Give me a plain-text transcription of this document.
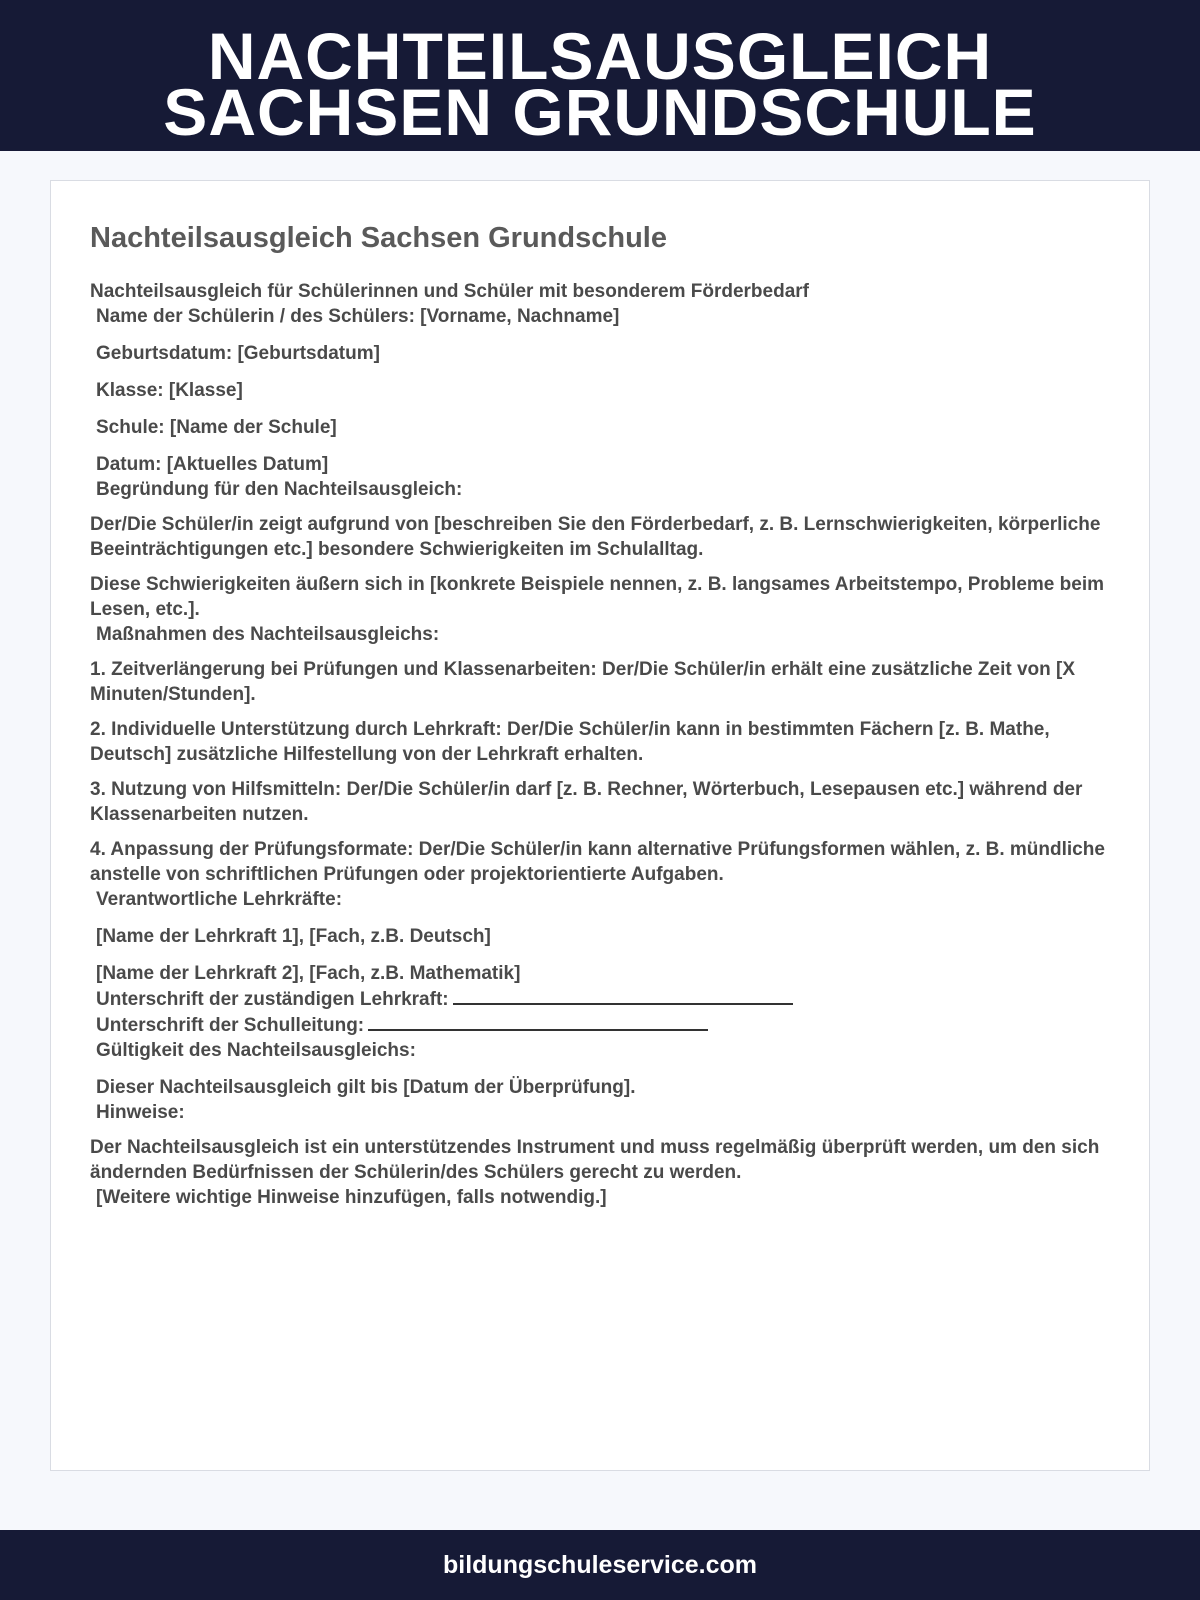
NACHTEILSAUSGLEICH
SACHSEN GRUNDSCHULE
Nachteilsausgleich Sachsen Grundschule

Nachteilsausgleich für Schülerinnen und Schüler mit besonderem Förderbedarf

Name der Schülerin / des Schülers: [Vorname, Nachname]

Geburtsdatum: [Geburtsdatum]

Klasse: [Klasse]

Schule: [Name der Schule]

Datum: [Aktuelles Datum]

Begründung für den Nachteilsausgleich:

Der/Die Schüler/in zeigt aufgrund von [beschreiben Sie den Förderbedarf, z. B. Lernschwierigkeiten, körperliche Beeinträchtigungen etc.] besondere Schwierigkeiten im Schulalltag.

Diese Schwierigkeiten äußern sich in [konkrete Beispiele nennen, z. B. langsames Arbeitstempo, Probleme beim Lesen, etc.].

Maßnahmen des Nachteilsausgleichs:

1. Zeitverlängerung bei Prüfungen und Klassenarbeiten: Der/Die Schüler/in erhält eine zusätzliche Zeit von [X Minuten/Stunden].

2. Individuelle Unterstützung durch Lehrkraft: Der/Die Schüler/in kann in bestimmten Fächern [z. B. Mathe, Deutsch] zusätzliche Hilfestellung von der Lehrkraft erhalten.

3. Nutzung von Hilfsmitteln: Der/Die Schüler/in darf [z. B. Rechner, Wörterbuch, Lesepausen etc.] während der Klassenarbeiten nutzen.

4. Anpassung der Prüfungsformate: Der/Die Schüler/in kann alternative Prüfungsformen wählen, z. B. mündliche anstelle von schriftlichen Prüfungen oder projektorientierte Aufgaben.

Verantwortliche Lehrkräfte:

[Name der Lehrkraft 1], [Fach, z.B. Deutsch]

[Name der Lehrkraft 2], [Fach, z.B. Mathematik]

Unterschrift der zuständigen Lehrkraft:

Unterschrift der Schulleitung:

Gültigkeit des Nachteilsausgleichs:

Dieser Nachteilsausgleich gilt bis [Datum der Überprüfung].

Hinweise:

Der Nachteilsausgleich ist ein unterstützendes Instrument und muss regelmäßig überprüft werden, um den sich ändernden Bedürfnissen der Schülerin/des Schülers gerecht zu werden.

[Weitere wichtige Hinweise hinzufügen, falls notwendig.]

bildungschuleservice.com
